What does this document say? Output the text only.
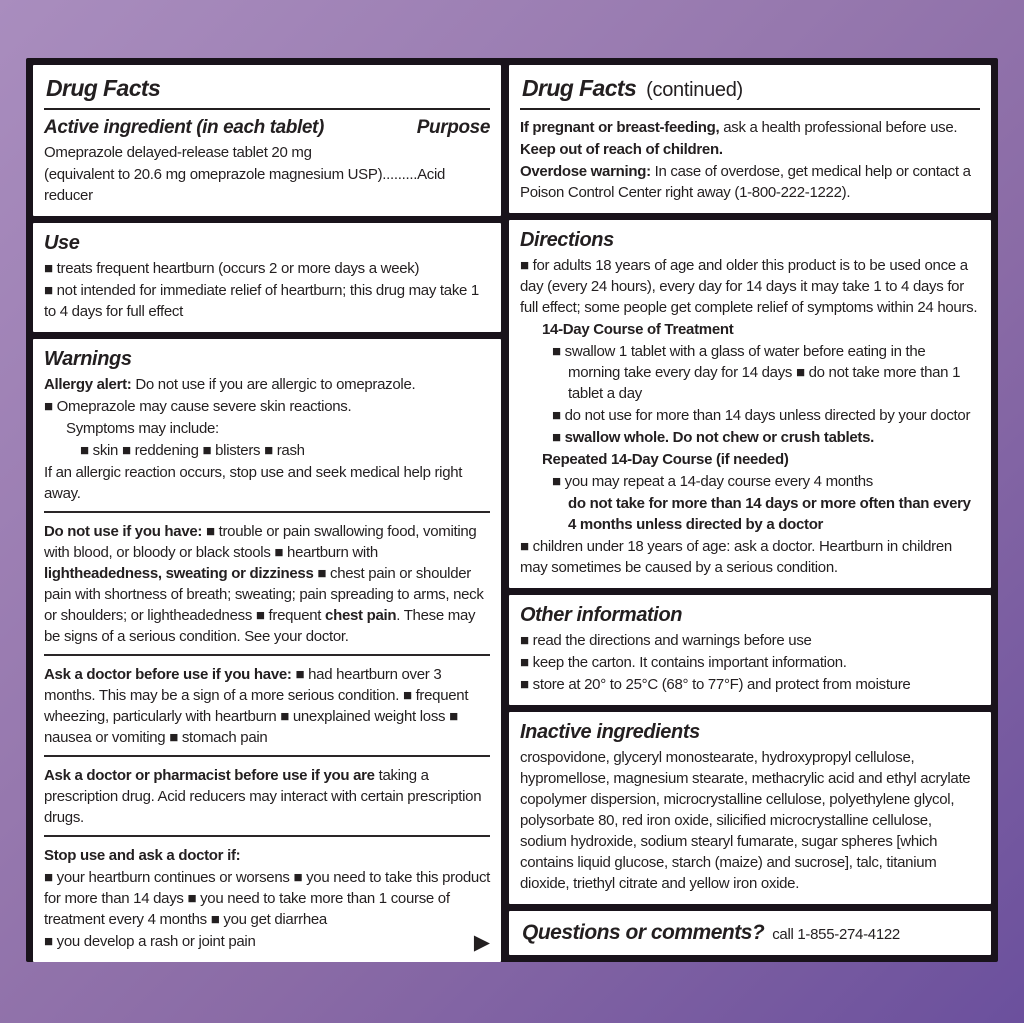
Drug Facts
Active ingredient (in each tablet)	Purpose

Omeprazole delayed-release tablet 20 mg

(equivalent to 20.6 mg omeprazole magnesium USP).........Acid reducer

Use

■ treats frequent heartburn (occurs 2 or more days a week)

■ not intended for immediate relief of heartburn; this drug may take 1 to 4 days for full effect

Warnings

Allergy alert: Do not use if you are allergic to omeprazole.

■ Omeprazole may cause severe skin reactions.

Symptoms may include:

■ skin ■ reddening ■ blisters ■ rash

If an allergic reaction occurs, stop use and seek medical help right away.

Do not use if you have: ■ trouble or pain swallowing food, vomiting with blood, or bloody or black stools ■ heartburn with lightheadedness, sweating or dizziness ■ chest pain or shoulder pain with shortness of breath; sweating; pain spreading to arms, neck or shoulders; or lightheadedness ■ frequent chest pain. These may be signs of a serious condition. See your doctor.

Ask a doctor before use if you have: ■ had heartburn over 3 months. This may be a sign of a more serious condition. ■ frequent wheezing, particularly with heartburn ■ unexplained weight loss ■ nausea or vomiting ■ stomach pain

Ask a doctor or pharmacist before use if you are taking a prescription drug. Acid reducers may interact with certain prescription drugs.

Stop use and ask a doctor if:

■ your heartburn continues or worsens ■ you need to take this product for more than 14 days ■ you need to take more than 1 course of treatment every 4 months ■ you get diarrhea

■ you develop a rash or joint pain	▶
Drug Facts (continued)

If pregnant or breast-feeding, ask a health professional before use.

Keep out of reach of children.

Overdose warning: In case of overdose, get medical help or contact a Poison Control Center right away (1-800-222-1222).

Directions

■ for adults 18 years of age and older this product is to be used once a day (every 24 hours), every day for 14 days it may take 1 to 4 days for full effect; some people get complete relief of symptoms within 24 hours.

14-Day Course of Treatment

■ swallow 1 tablet with a glass of water before eating in the morning take every day for 14 days ■ do not take more than 1 tablet a day

■ do not use for more than 14 days unless directed by your doctor

■ swallow whole. Do not chew or crush tablets.

Repeated 14-Day Course (if needed)

■ you may repeat a 14-day course every 4 months

do not take for more than 14 days or more often than every 4 months unless directed by a doctor

■ children under 18 years of age: ask a doctor. Heartburn in children may sometimes be caused by a serious condition.

Other information

■ read the directions and warnings before use

■ keep the carton. It contains important information.

■ store at 20° to 25°C (68° to 77°F) and protect from moisture

Inactive ingredients

crospovidone, glyceryl monostearate, hydroxypropyl cellulose, hypromellose, magnesium stearate, methacrylic acid and ethyl acrylate copolymer dispersion, microcrystalline cellulose, polyethylene glycol, polysorbate 80, red iron oxide, silicified microcrystalline cellulose, sodium hydroxide, sodium stearyl fumarate, sugar spheres [which contains liquid glucose, starch (maize) and sucrose], talc, titanium dioxide, triethyl citrate and yellow iron oxide.

Questions or comments? call 1-855-274-4122
